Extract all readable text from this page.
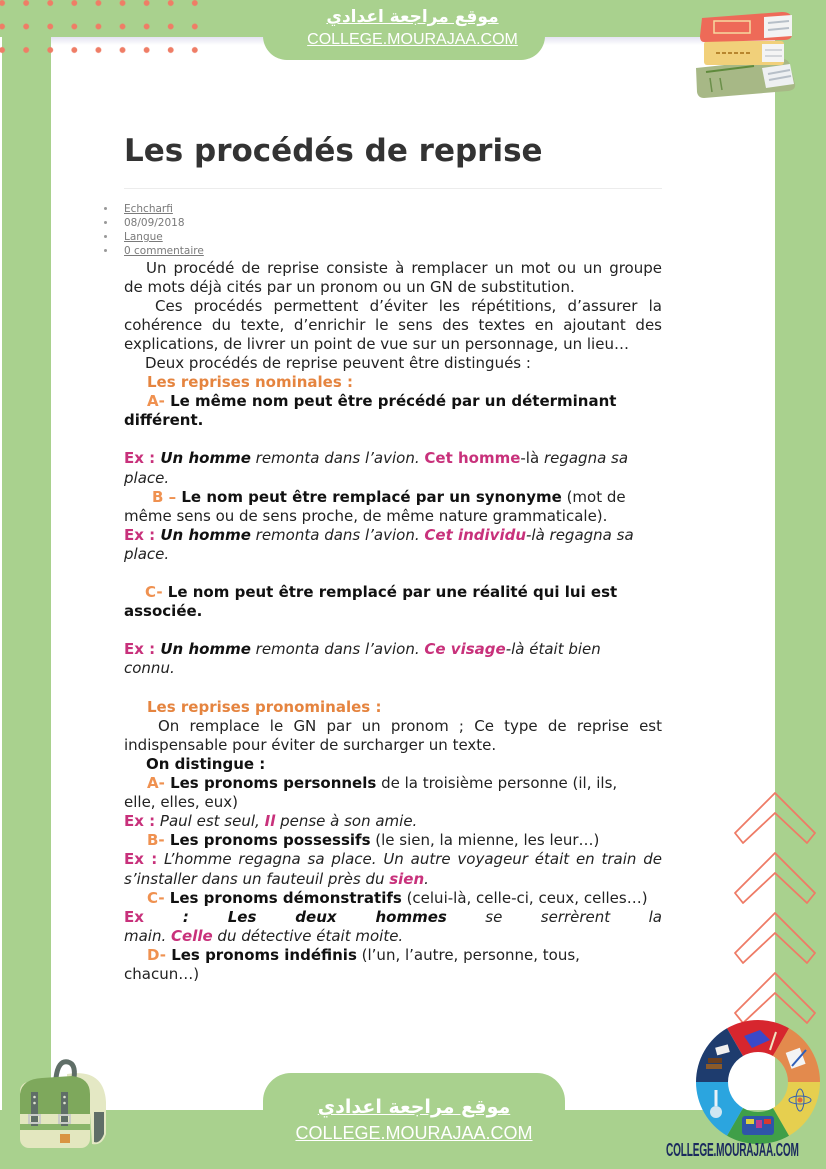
موقع مراجعة اعدادي
COLLEGE.MOURAJAA.COM
Les procédés de reprise
Echcharfi
08/09/2018
Langue
0 commentaire
Un procédé de reprise consiste à remplacer un mot ou un groupe
de mots déjà cités par un pronom ou un GN de substitution.
Ces procédés permettent d’éviter les répétitions, d’assurer la
cohérence du texte, d’enrichir le sens des textes en ajoutant des
explications, de livrer un point de vue sur un personnage, un lieu…
Deux procédés de reprise peuvent être distingués :
Les reprises nominales :
A- Le même nom peut être précédé par un déterminant
différent.
Ex : Un homme remonta dans l’avion. Cet homme-là regagna sa
place.
B – Le nom peut être remplacé par un synonyme (mot de
même sens ou de sens proche, de même nature grammaticale).
Ex : Un homme remonta dans l’avion. Cet individu-là regagna sa
place.
C- Le nom peut être remplacé par une réalité qui lui est
associée.
Ex : Un homme remonta dans l’avion. Ce visage-là était bien
connu.
Les reprises pronominales :
On remplace le GN par un pronom ; Ce type de reprise est
indispensable pour éviter de surcharger un texte.
On distingue :
A- Les pronoms personnels de la troisième personne (il, ils,
elle, elles, eux)
Ex : Paul est seul, Il pense à son amie.
B- Les pronoms possessifs (le sien, la mienne, les leur…)
Ex : L’homme regagna sa place. Un autre voyageur était en train de
s’installer dans un fauteuil près du sien.
C- Les pronoms démonstratifs (celui-là, celle-ci, ceux, celles…)
Ex : Les deux hommes se serrèrent la
main. Celle du détective était moite.
D- Les pronoms indéfinis (l’un, l’autre, personne, tous,
chacun…)
موقع مراجعة اعدادي
COLLEGE.MOURAJAA.COM
COLLEGE.MOURAJAA.COM
